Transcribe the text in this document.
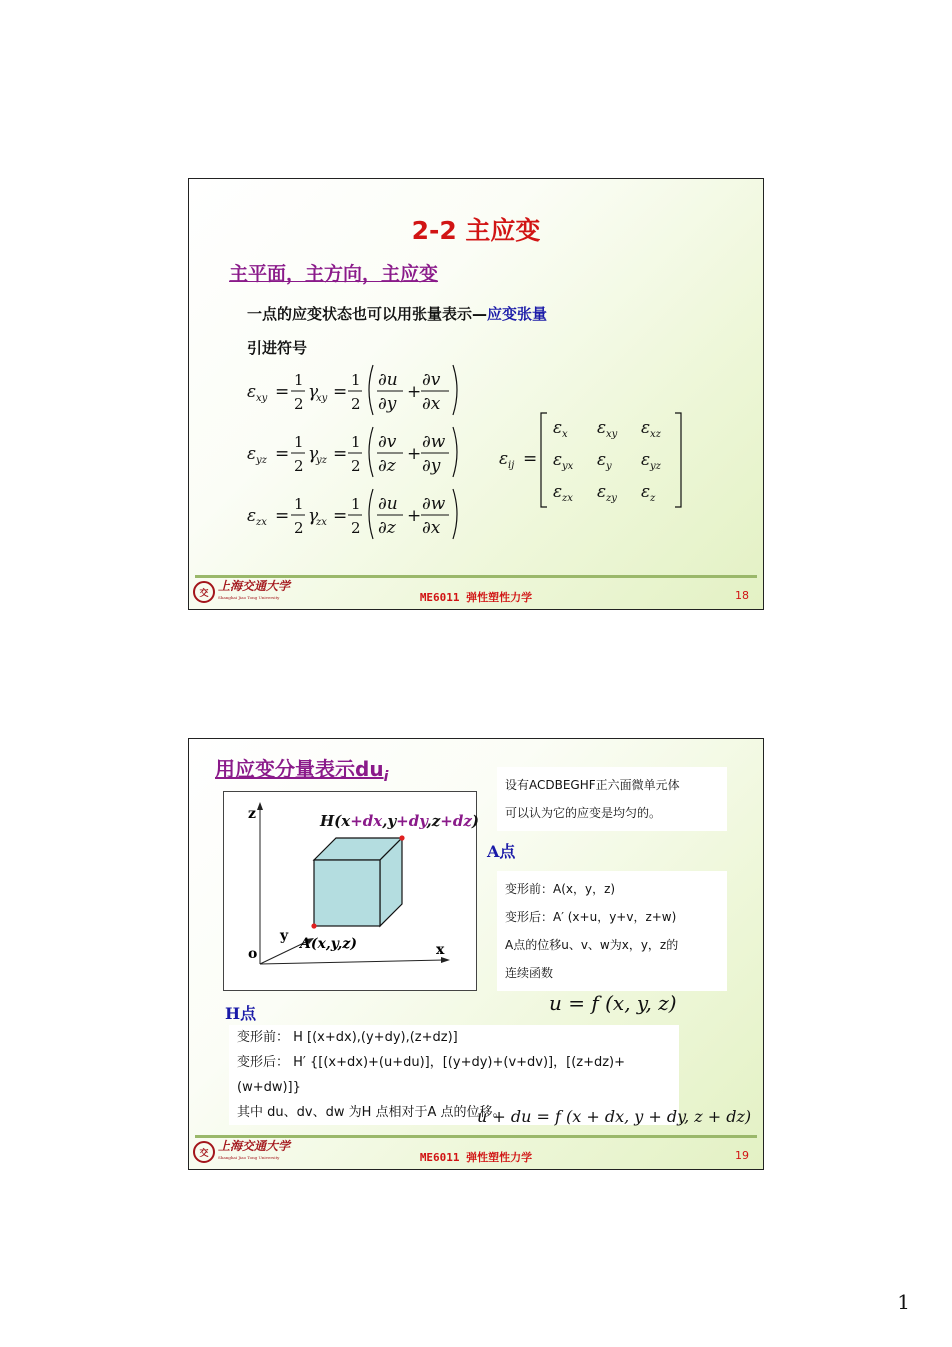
2-2 主应变
主平面，主方向，主应变
一点的应变状态也可以用张量表示—应变张量
引进符号
ε xy =
1
2
γ
xy =
1
2
∂u
∂y
+
∂v
∂x
ε yz =
1
2
γ
yz =
1
2
∂v
∂z
+
∂w
∂y
ε zx =
1
2
γ
zx =
1
2
∂u
∂z
+
∂w
∂x
ε ij =
ε x ε xy ε xz
ε yx ε y ε yz
ε zx ε zy ε z
交
上海交通大学
Shanghai Jiao Tong University	ME6011 弹性塑性力学	18
用应变分量表示$du_i$
z
x
y
o
A(x,y,z)
H(x+dx,y+dy,z+dz)
设有ACDBEGHF正六面微单元体
可以认为它的应变是均匀的。
A点
变形前：A(x，y，z)
变形后：A′ (x+u，y+v，z+w)
A点的位移u、v、w为x，y，z的
连续函数
u = f (x, y, z)
H点
变形前： H [(x+dx),(y+dy),(z+dz)]
变形后： H′ {[(x+dx)+(u+du)]，[(y+dy)+(v+dv)]，[(z+dz)+(w+dw)]}
其中 du、dv、dw 为H 点相对于A 点的位移。
u + du = f (x + dx, y + dy, z + dz)
交
上海交通大学
Shanghai Jiao Tong University	ME6011 弹性塑性力学	19
1
